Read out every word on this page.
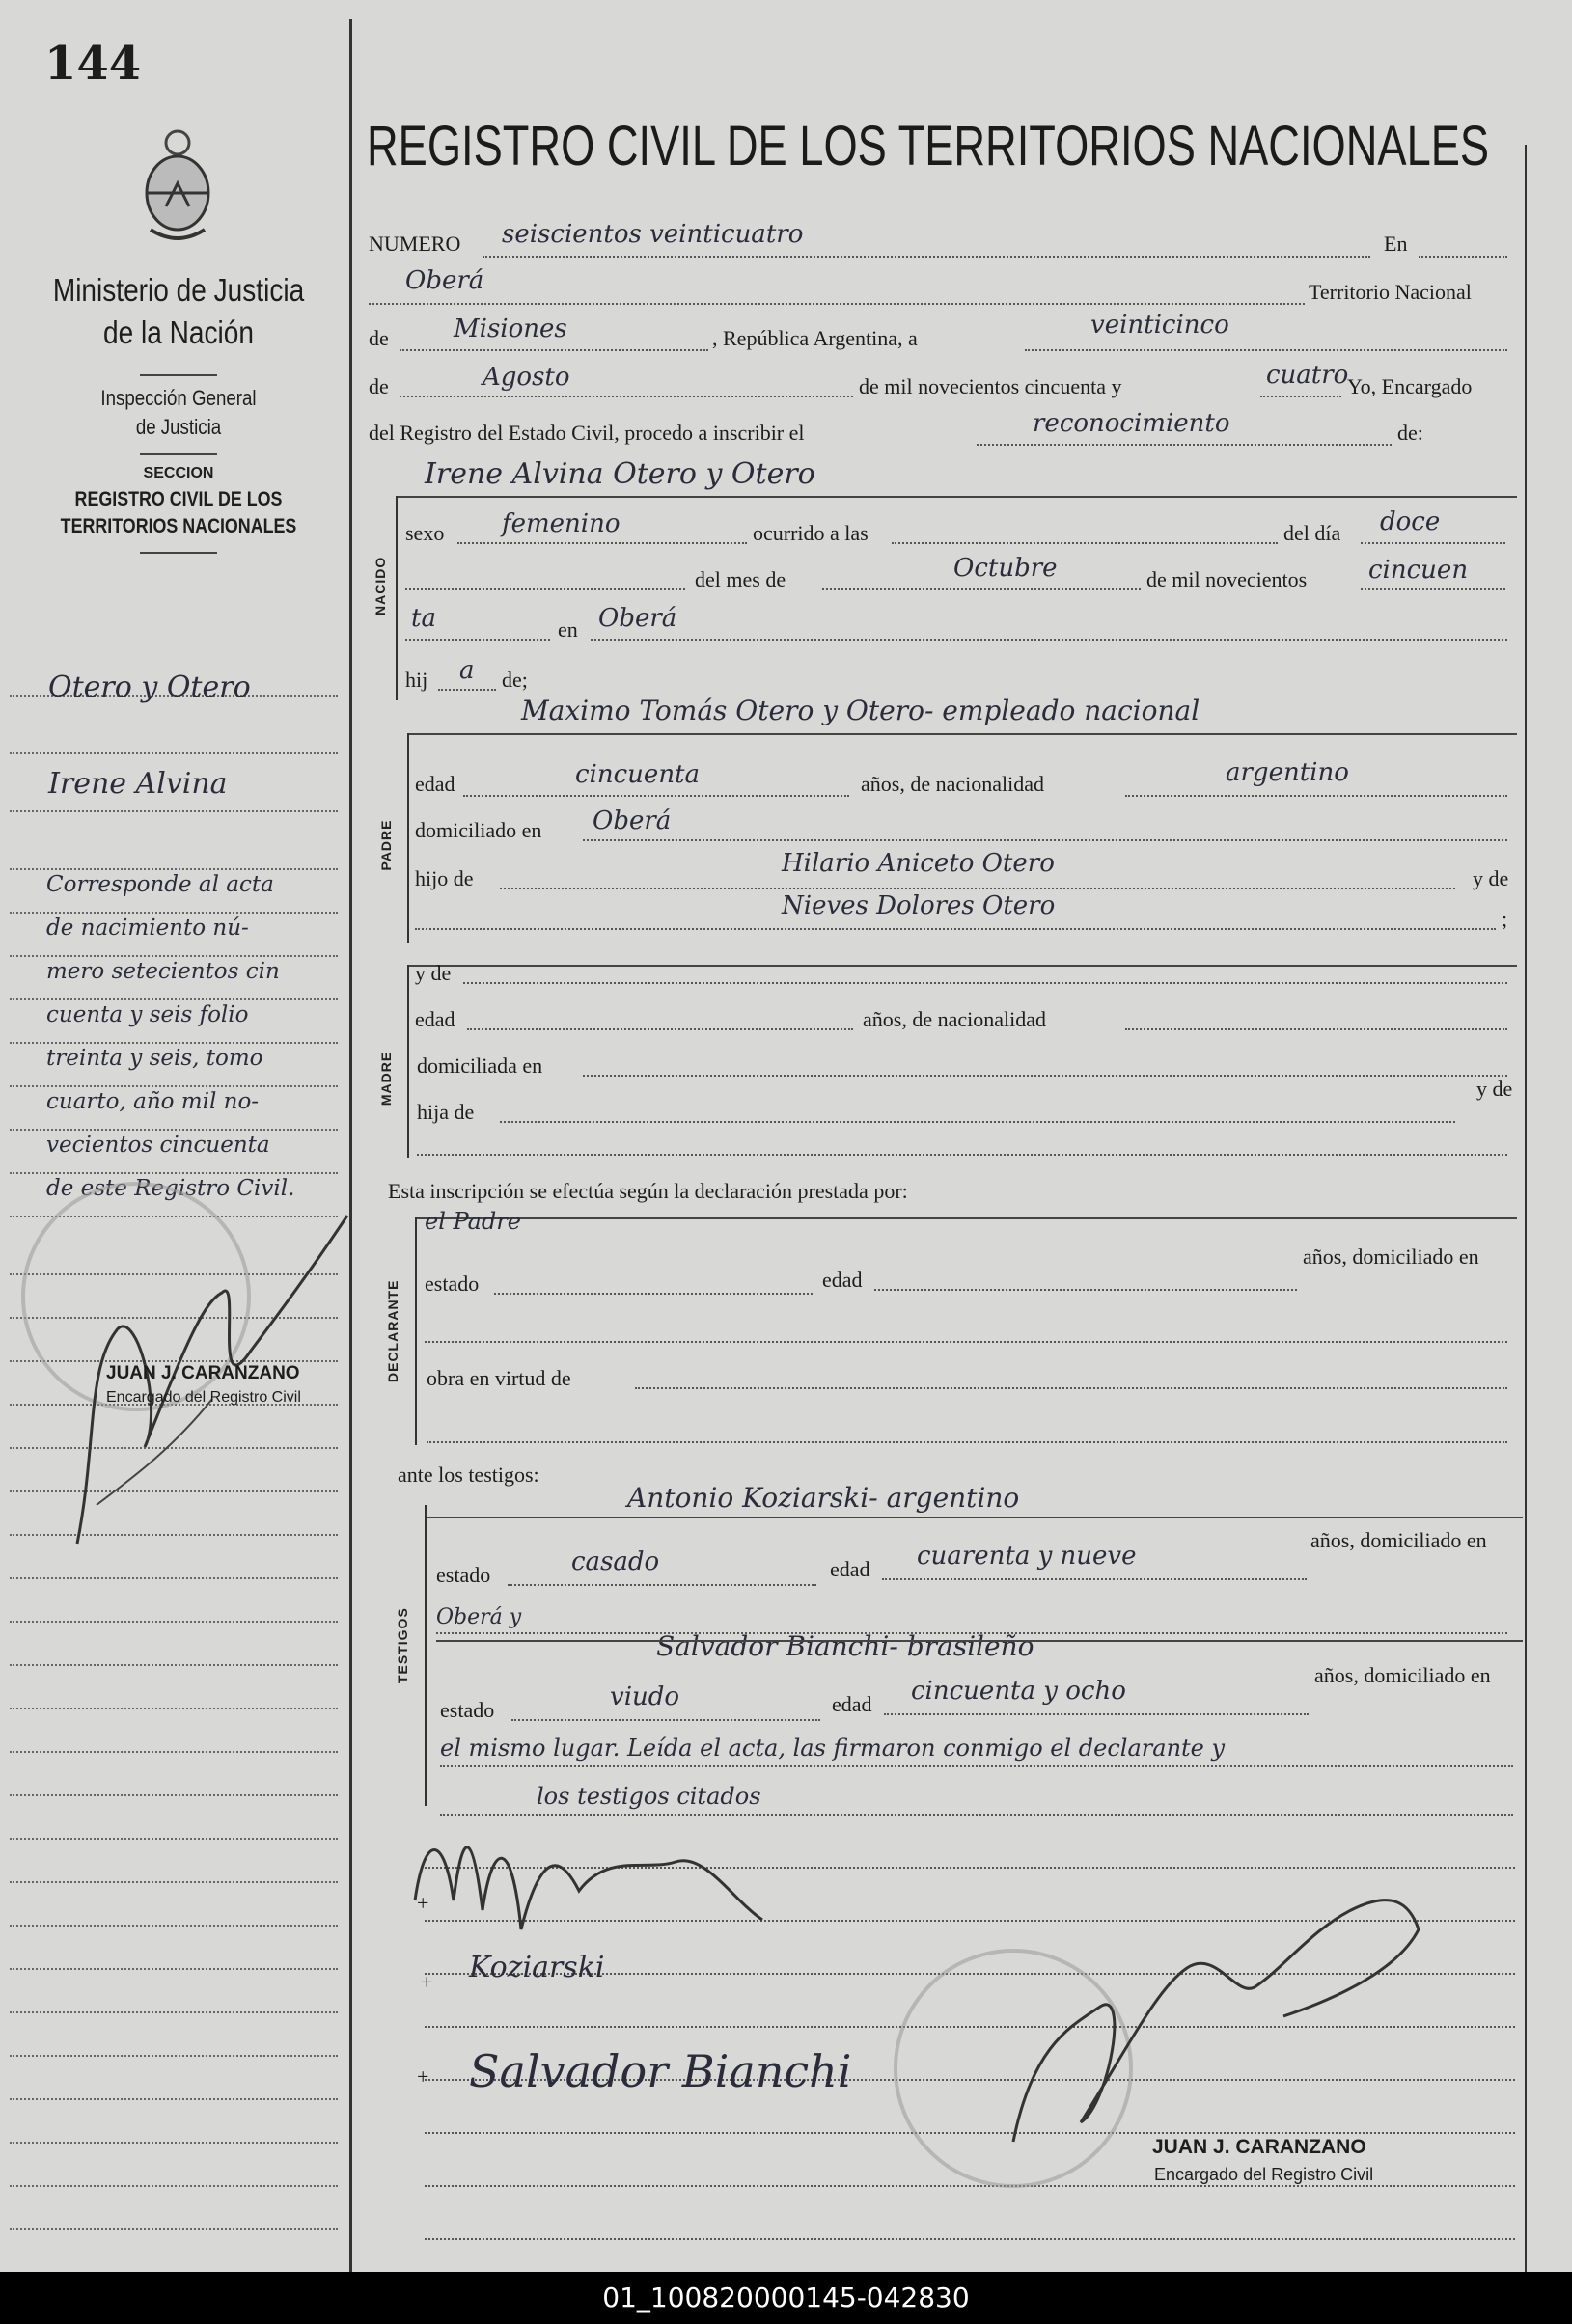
144
Ministerio de Justicia
de la Nación
Inspección General
de Justicia
SECCION
REGISTRO CIVIL DE LOS
TERRITORIOS NACIONALES
Otero y Otero
Irene Alvina
Corresponde al acta
de nacimiento nú-
mero setecientos cin
cuenta y seis folio
treinta y seis, tomo
cuarto, año mil no-
vecientos cincuenta
de este Registro Civil.
JUAN J. CARANZANO
Encargado del Registro Civil
REGISTRO CIVIL DE LOS TERRITORIOS NACIONALES
NUMERO seiscientos veinticuatro	En
Oberá	Territorio Nacional
de	Misiones	, República Argentina, a	veinticinco
de	Agosto	de mil novecientos cincuenta y	cuatro
Yo, Encargado
del Registro del Estado Civil, procedo a inscribir el	reconocimiento	de:
NACIDO
Irene Alvina Otero y Otero
sexo femenino	ocurrido a las	del día doce
del mes de	Octubre	de mil novecientos cincuen
ta	en Oberá
hij a de;
PADRE
Maximo Tomás Otero y Otero- empleado nacional
edad	cincuenta	años, de nacionalidad	argentino
domiciliado en Oberá
hijo de
Hilario Aniceto Otero
y de
Nieves Dolores Otero	;
MADRE
y de
edad	años, de nacionalidad
domiciliada en
hija de
y de
Esta inscripción se efectúa según la declaración prestada por:
el Padre
DECLARANTE estado	edad
años, domiciliado en
obra en virtud de
ante los testigos:
TESTIGOS
Antonio Koziarski- argentino
estado	casado	edad cuarenta y nueve
años, domiciliado en
Oberá y
Salvador Bianchi- brasileño
estado	viudo	edad cincuenta y ocho
años, domiciliado en
el mismo lugar. Leída el acta, las firmaron conmigo el declarante y
los testigos citados
+
+
+
Koziarski
Salvador Bianchi
JUAN J. CARANZANO
Encargado del Registro Civil
01_100820000145-042830
